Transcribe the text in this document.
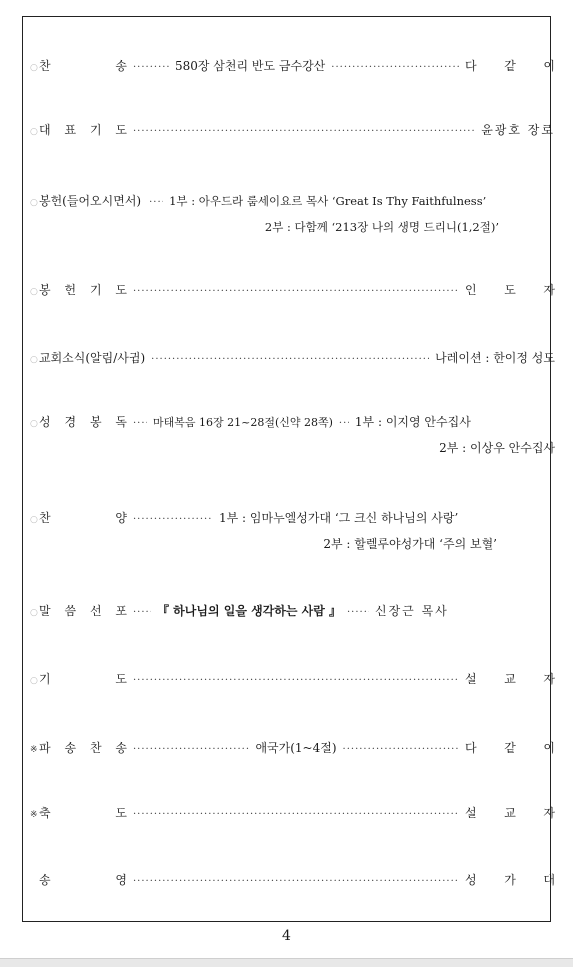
○ 찬	송 ·····	580장 삼천리 반도 금수강산 ·····	다 같 이
○ 대 표 기 도 ·····	윤광호 장로
○ 봉헌(들어오시면서) ····· 1부 : 아우드라 룸세이요르 목사 ‘Great Is Thy Faithfulness’
2부 : 다함께 ‘213장 나의 생명 드리니(1,2절)’
○ 봉 헌 기 도 ·····	인 도 자
○ 교회소식(알림/사귐) ·····	나레이션 : 한이정 성도
○ 성 경 봉 독 ····· 마태복음 16장 21~28절(신약 28쪽) ····· 1부 : 이지영 안수집사
2부 : 이상우 안수집사
○ 찬	양 ·····	1부 : 임마누엘성가대 ‘그 크신 하나님의 사랑’
2부 : 할렐루야성가대 ‘주의 보혈’
○ 말 씀 선 포 ·····	『 하나님의 일을 생각하는 사람 』 ·····	신장근 목사
○ 기	도 ·····	설 교 자
※ 파 송 찬 송 ·····	애국가(1~4절) ·····	다 같 이
※ 축	도 ·····	설 교 자
송	영 ·····	성 가 대
4
